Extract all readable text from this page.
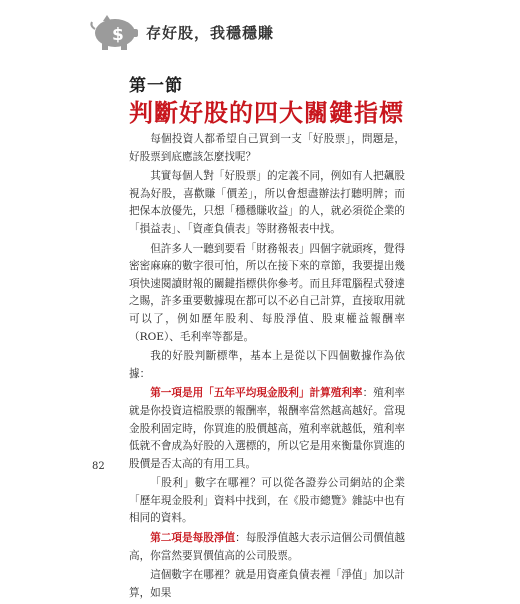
$ 存好股，我穩穩賺
第一節
判斷好股的四大關鍵指標

每個投資人都希望自己買到一支「好股票」，問題是，好股票到底應該怎麼找呢？

其實每個人對「好股票」的定義不同，例如有人把飆股視為好股，喜歡賺「價差」，所以會想盡辦法打聽明牌；而把保本放優先，只想「穩穩賺收益」的人，就必須從企業的「損益表」、「資產負債表」等財務報表中找。

但許多人一聽到要看「財務報表」四個字就頭疼，覺得密密麻麻的數字很可怕，所以在接下來的章節，我要提出幾項快速閱讀財報的關鍵指標供你參考。而且拜電腦程式發達之賜，許多重要數據現在都可以不必自己計算，直接取用就可以了，例如歷年股利、每股淨值、股東權益報酬率（ROE）、毛利率等都是。

我的好股判斷標準，基本上是從以下四個數據作為依據：

第一項是用「五年平均現金股利」計算殖利率：殖利率就是你投資這檔股票的報酬率，報酬率當然越高越好。當現金股利固定時，你買進的股價越高，殖利率就越低，殖利率低就不會成為好股的入選標的，所以它是用來衡量你買進的股價是否太高的有用工具。

「股利」數字在哪裡？可以從各證券公司網站的企業「歷年現金股利」資料中找到，在《股市總覽》雜誌中也有相同的資料。

第二項是每股淨值：每股淨值越大表示這個公司價值越高，你當然要買價值高的公司股票。

這個數字在哪裡？就是用資產負債表裡「淨值」加以計算，如果

82
